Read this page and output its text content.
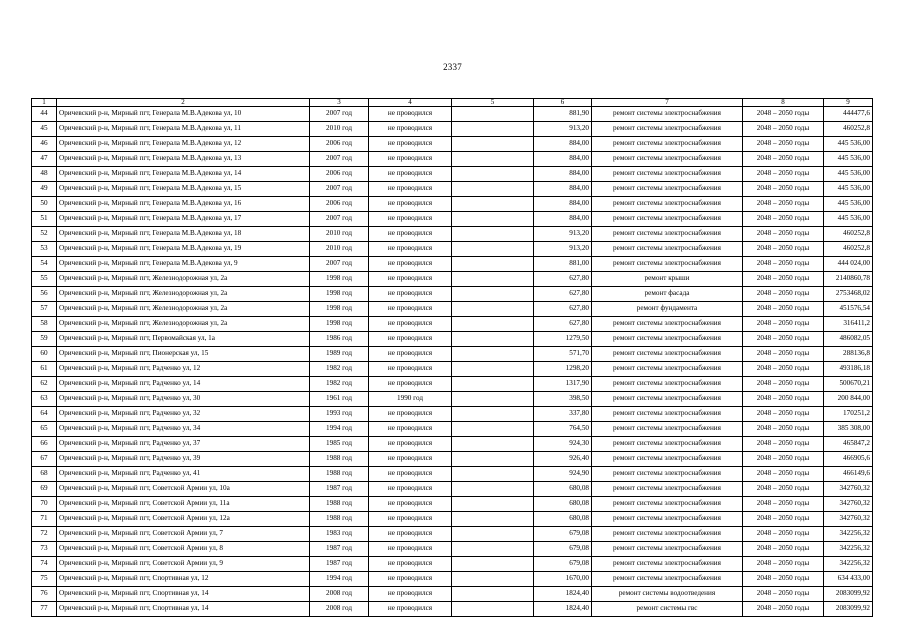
2337
1	2	3	4	5	6	7	8	9
44	Оричевский р-н, Мирный пгт, Генерала М.В.Адекова ул, 10	2007 год	не проводился		881,90	ремонт системы электроснабжения	2048 – 2050 годы	444477,6
45	Оричевский р-н, Мирный пгт, Генерала М.В.Адекова ул, 11	2010 год	не проводился		913,20	ремонт системы электроснабжения	2048 – 2050 годы	460252,8
46	Оричевский р-н, Мирный пгт, Генерала М.В.Адекова ул, 12	2006 год	не проводился		884,00	ремонт системы электроснабжения	2048 – 2050 годы	445 536,00
47	Оричевский р-н, Мирный пгт, Генерала М.В.Адекова ул, 13	2007 год	не проводился		884,00	ремонт системы электроснабжения	2048 – 2050 годы	445 536,00
48	Оричевский р-н, Мирный пгт, Генерала М.В.Адекова ул, 14	2006 год	не проводился		884,00	ремонт системы электроснабжения	2048 – 2050 годы	445 536,00
49	Оричевский р-н, Мирный пгт, Генерала М.В.Адекова ул, 15	2007 год	не проводился		884,00	ремонт системы электроснабжения	2048 – 2050 годы	445 536,00
50	Оричевский р-н, Мирный пгт, Генерала М.В.Адекова ул, 16	2006 год	не проводился		884,00	ремонт системы электроснабжения	2048 – 2050 годы	445 536,00
51	Оричевский р-н, Мирный пгт, Генерала М.В.Адекова ул, 17	2007 год	не проводился		884,00	ремонт системы электроснабжения	2048 – 2050 годы	445 536,00
52	Оричевский р-н, Мирный пгт, Генерала М.В.Адекова ул, 18	2010 год	не проводился		913,20	ремонт системы электроснабжения	2048 – 2050 годы	460252,8
53	Оричевский р-н, Мирный пгт, Генерала М.В.Адекова ул, 19	2010 год	не проводился		913,20	ремонт системы электроснабжения	2048 – 2050 годы	460252,8
54	Оричевский р-н, Мирный пгт, Генерала М.В.Адекова ул, 9	2007 год	не проводился		881,00	ремонт системы электроснабжения	2048 – 2050 годы	444 024,00
55	Оричевский р-н, Мирный пгт, Железнодорожная ул, 2а	1998 год	не проводился		627,80	ремонт крыши	2048 – 2050 годы	2140860,78
56	Оричевский р-н, Мирный пгт, Железнодорожная ул, 2а	1998 год	не проводился		627,80	ремонт фасада	2048 – 2050 годы	2753468,02
57	Оричевский р-н, Мирный пгт, Железнодорожная ул, 2а	1998 год	не проводился		627,80	ремонт фундамента	2048 – 2050 годы	451576,54
58	Оричевский р-н, Мирный пгт, Железнодорожная ул, 2а	1998 год	не проводился		627,80	ремонт системы электроснабжения	2048 – 2050 годы	316411,2
59	Оричевский р-н, Мирный пгт, Первомайская ул, 1а	1986 год	не проводился		1279,50	ремонт системы электроснабжения	2048 – 2050 годы	486082,05
60	Оричевский р-н, Мирный пгт, Пионерская ул, 15	1989 год	не проводился		571,70	ремонт системы электроснабжения	2048 – 2050 годы	288136,8
61	Оричевский р-н, Мирный пгт, Радченко ул, 12	1982 год	не проводился		1298,20	ремонт системы электроснабжения	2048 – 2050 годы	493186,18
62	Оричевский р-н, Мирный пгт, Радченко ул, 14	1982 год	не проводился		1317,90	ремонт системы электроснабжения	2048 – 2050 годы	500670,21
63	Оричевский р-н, Мирный пгт, Радченко ул, 30	1961 год	1990 год		398,50	ремонт системы электроснабжения	2048 – 2050 годы	200 844,00
64	Оричевский р-н, Мирный пгт, Радченко ул, 32	1993 год	не проводился		337,80	ремонт системы электроснабжения	2048 – 2050 годы	170251,2
65	Оричевский р-н, Мирный пгт, Радченко ул, 34	1994 год	не проводился		764,50	ремонт системы электроснабжения	2048 – 2050 годы	385 308,00
66	Оричевский р-н, Мирный пгт, Радченко ул, 37	1985 год	не проводился		924,30	ремонт системы электроснабжения	2048 – 2050 годы	465847,2
67	Оричевский р-н, Мирный пгт, Радченко ул, 39	1988 год	не проводился		926,40	ремонт системы электроснабжения	2048 – 2050 годы	466905,6
68	Оричевский р-н, Мирный пгт, Радченко ул, 41	1988 год	не проводился		924,90	ремонт системы электроснабжения	2048 – 2050 годы	466149,6
69	Оричевский р-н, Мирный пгт, Советской Армии ул, 10а	1987 год	не проводился		680,08	ремонт системы электроснабжения	2048 – 2050 годы	342760,32
70	Оричевский р-н, Мирный пгт, Советской Армии ул, 11а	1988 год	не проводился		680,08	ремонт системы электроснабжения	2048 – 2050 годы	342760,32
71	Оричевский р-н, Мирный пгт, Советской Армии ул, 12а	1988 год	не проводился		680,08	ремонт системы электроснабжения	2048 – 2050 годы	342760,32
72	Оричевский р-н, Мирный пгт, Советской Армии ул, 7	1983 год	не проводился		679,08	ремонт системы электроснабжения	2048 – 2050 годы	342256,32
73	Оричевский р-н, Мирный пгт, Советской Армии ул, 8	1987 год	не проводился		679,08	ремонт системы электроснабжения	2048 – 2050 годы	342256,32
74	Оричевский р-н, Мирный пгт, Советской Армии ул, 9	1987 год	не проводился		679,08	ремонт системы электроснабжения	2048 – 2050 годы	342256,32
75	Оричевский р-н, Мирный пгт, Спортивная ул, 12	1994 год	не проводился		1670,00	ремонт системы электроснабжения	2048 – 2050 годы	634 433,00
76	Оричевский р-н, Мирный пгт, Спортивная ул, 14	2008 год	не проводился		1824,40	ремонт системы водоотведения	2048 – 2050 годы	2083099,92
77	Оричевский р-н, Мирный пгт, Спортивная ул, 14	2008 год	не проводился		1824,40	ремонт системы гвс	2048 – 2050 годы	2083099,92
